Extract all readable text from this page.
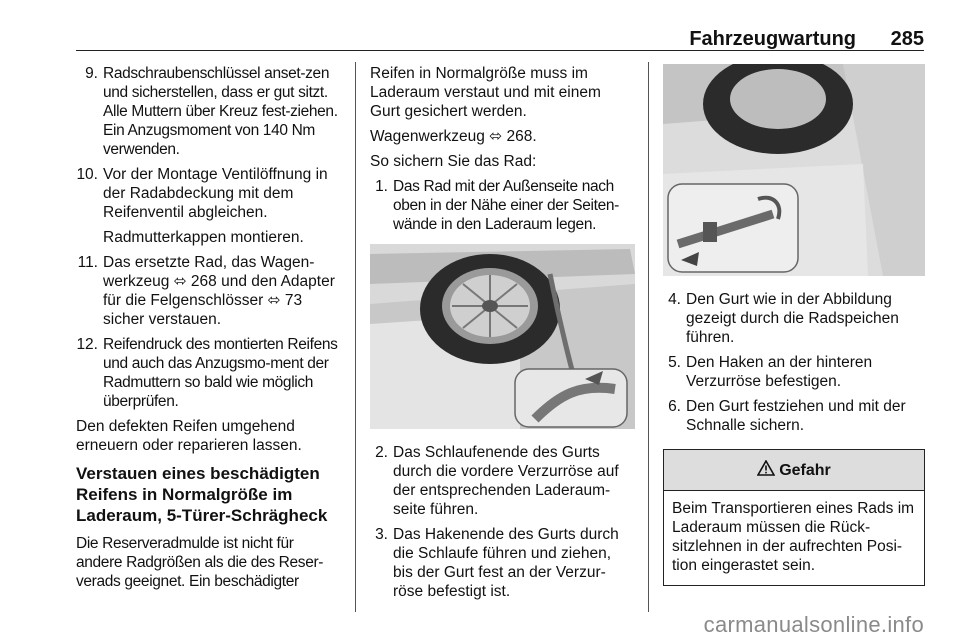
Fahrzeugwartung 285
9. Radschraubenschlüssel anset-zen und sicherstellen, dass er gut sitzt. Alle Muttern über Kreuz fest-ziehen. Ein Anzugsmoment von 140 Nm verwenden.
10. Vor der Montage Ventilöffnung in der Radabdeckung mit dem Reifenventil abgleichen.
Radmutterkappen montieren.
11. Das ersetzte Rad, das Wagen-werkzeug ⬄ 268 und den Adapter für die Felgenschlösser ⬄ 73 sicher verstauen.
12. Reifendruck des montierten Reifens und auch das Anzugsmo-ment der Radmuttern so bald wie möglich überprüfen.

Den defekten Reifen umgehend erneuern oder reparieren lassen.

Verstauen eines beschädigten Reifens in Normalgröße im Laderaum, 5-Türer-Schrägheck

Die Reserveradmulde ist nicht für andere Radgrößen als die des Reser-verads geeignet. Ein beschädigter

Reifen in Normalgröße muss im Laderaum verstaut und mit einem Gurt gesichert werden.

Wagenwerkzeug ⬄ 268.

So sichern Sie das Rad:

1. Das Rad mit der Außenseite nach oben in der Nähe einer der Seiten-wände in den Laderaum legen.
2. Das Schlaufenende des Gurts durch die vordere Verzurröse auf der entsprechenden Laderaum-seite führen.
3. Das Hakenende des Gurts durch die Schlaufe führen und ziehen, bis der Gurt fest an der Verzur-röse befestigt ist.
4. Den Gurt wie in der Abbildung gezeigt durch die Radspeichen führen.
5. Den Haken an der hinteren Verzurröse befestigen.
6. Den Gurt festziehen und mit der Schnalle sichern.
Gefahr
Beim Transportieren eines Rads im Laderaum müssen die Rück-sitzlehnen in der aufrechten Posi-tion eingerastet sein.
carmanualsonline.info
